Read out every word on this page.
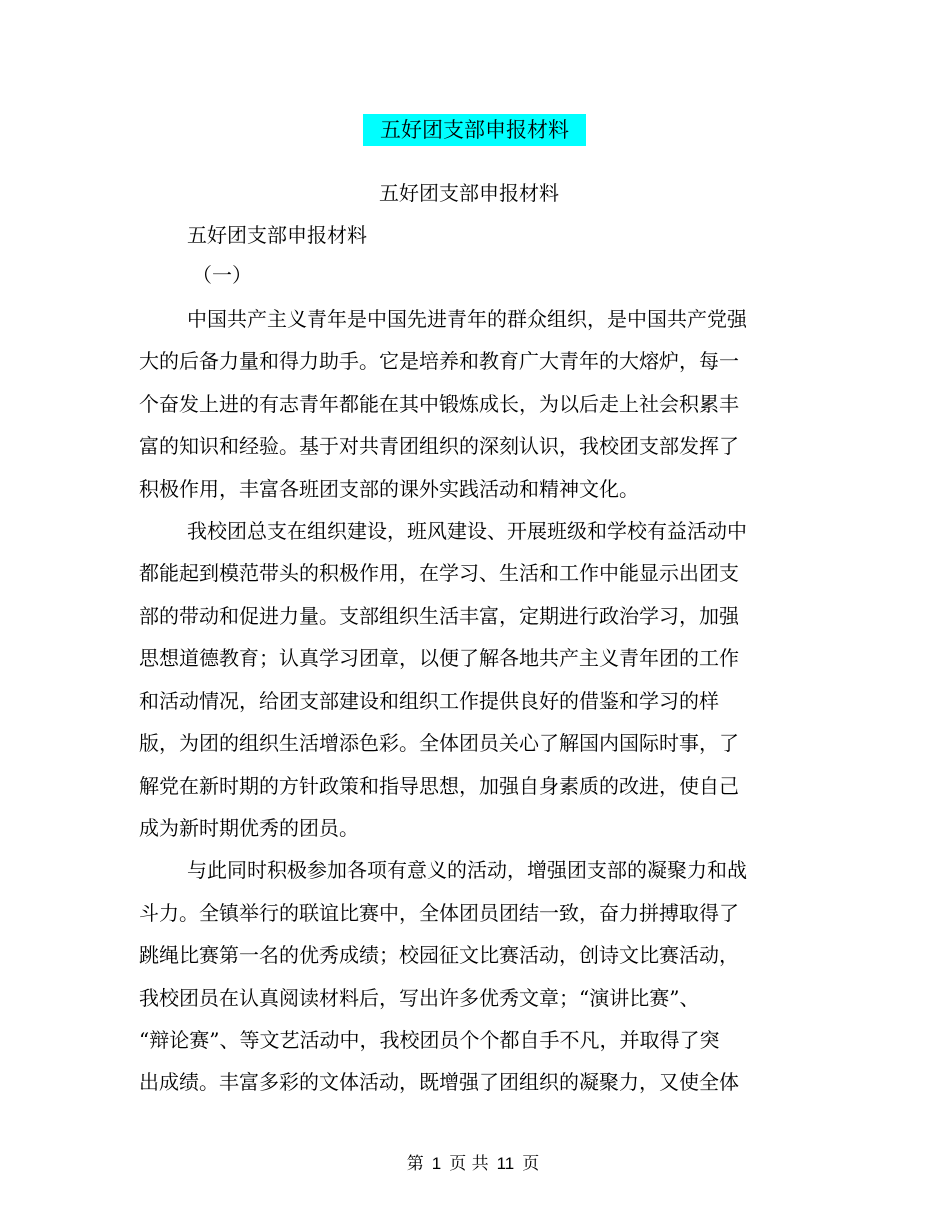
五好团支部申报材料
五好团支部申报材料
五好团支部申报材料
（一）
中国共产主义青年是中国先进青年的群众组织，是中国共产党强
大的后备力量和得力助手。它是培养和教育广大青年的大熔炉，每一
个奋发上进的有志青年都能在其中锻炼成长，为以后走上社会积累丰
富的知识和经验。基于对共青团组织的深刻认识，我校团支部发挥了
积极作用，丰富各班团支部的课外实践活动和精神文化。
我校团总支在组织建设，班风建设、开展班级和学校有益活动中
都能起到模范带头的积极作用，在学习、生活和工作中能显示出团支
部的带动和促进力量。支部组织生活丰富，定期进行政治学习，加强
思想道德教育；认真学习团章，以便了解各地共产主义青年团的工作
和活动情况，给团支部建设和组织工作提供良好的借鉴和学习的样
版，为团的组织生活增添色彩。全体团员关心了解国内国际时事，了
解党在新时期的方针政策和指导思想，加强自身素质的改进，使自己
成为新时期优秀的团员。
与此同时积极参加各项有意义的活动，增强团支部的凝聚力和战
斗力。全镇举行的联谊比赛中，全体团员团结一致，奋力拼搏取得了
跳绳比赛第一名的优秀成绩；校园征文比赛活动，创诗文比赛活动，
我校团员在认真阅读材料后，写出许多优秀文章；“演讲比赛”、
“辩论赛”、等文艺活动中，我校团员个个都自手不凡，并取得了突
出成绩。丰富多彩的文体活动，既增强了团组织的凝聚力，又使全体
第 1 页 共 11 页
